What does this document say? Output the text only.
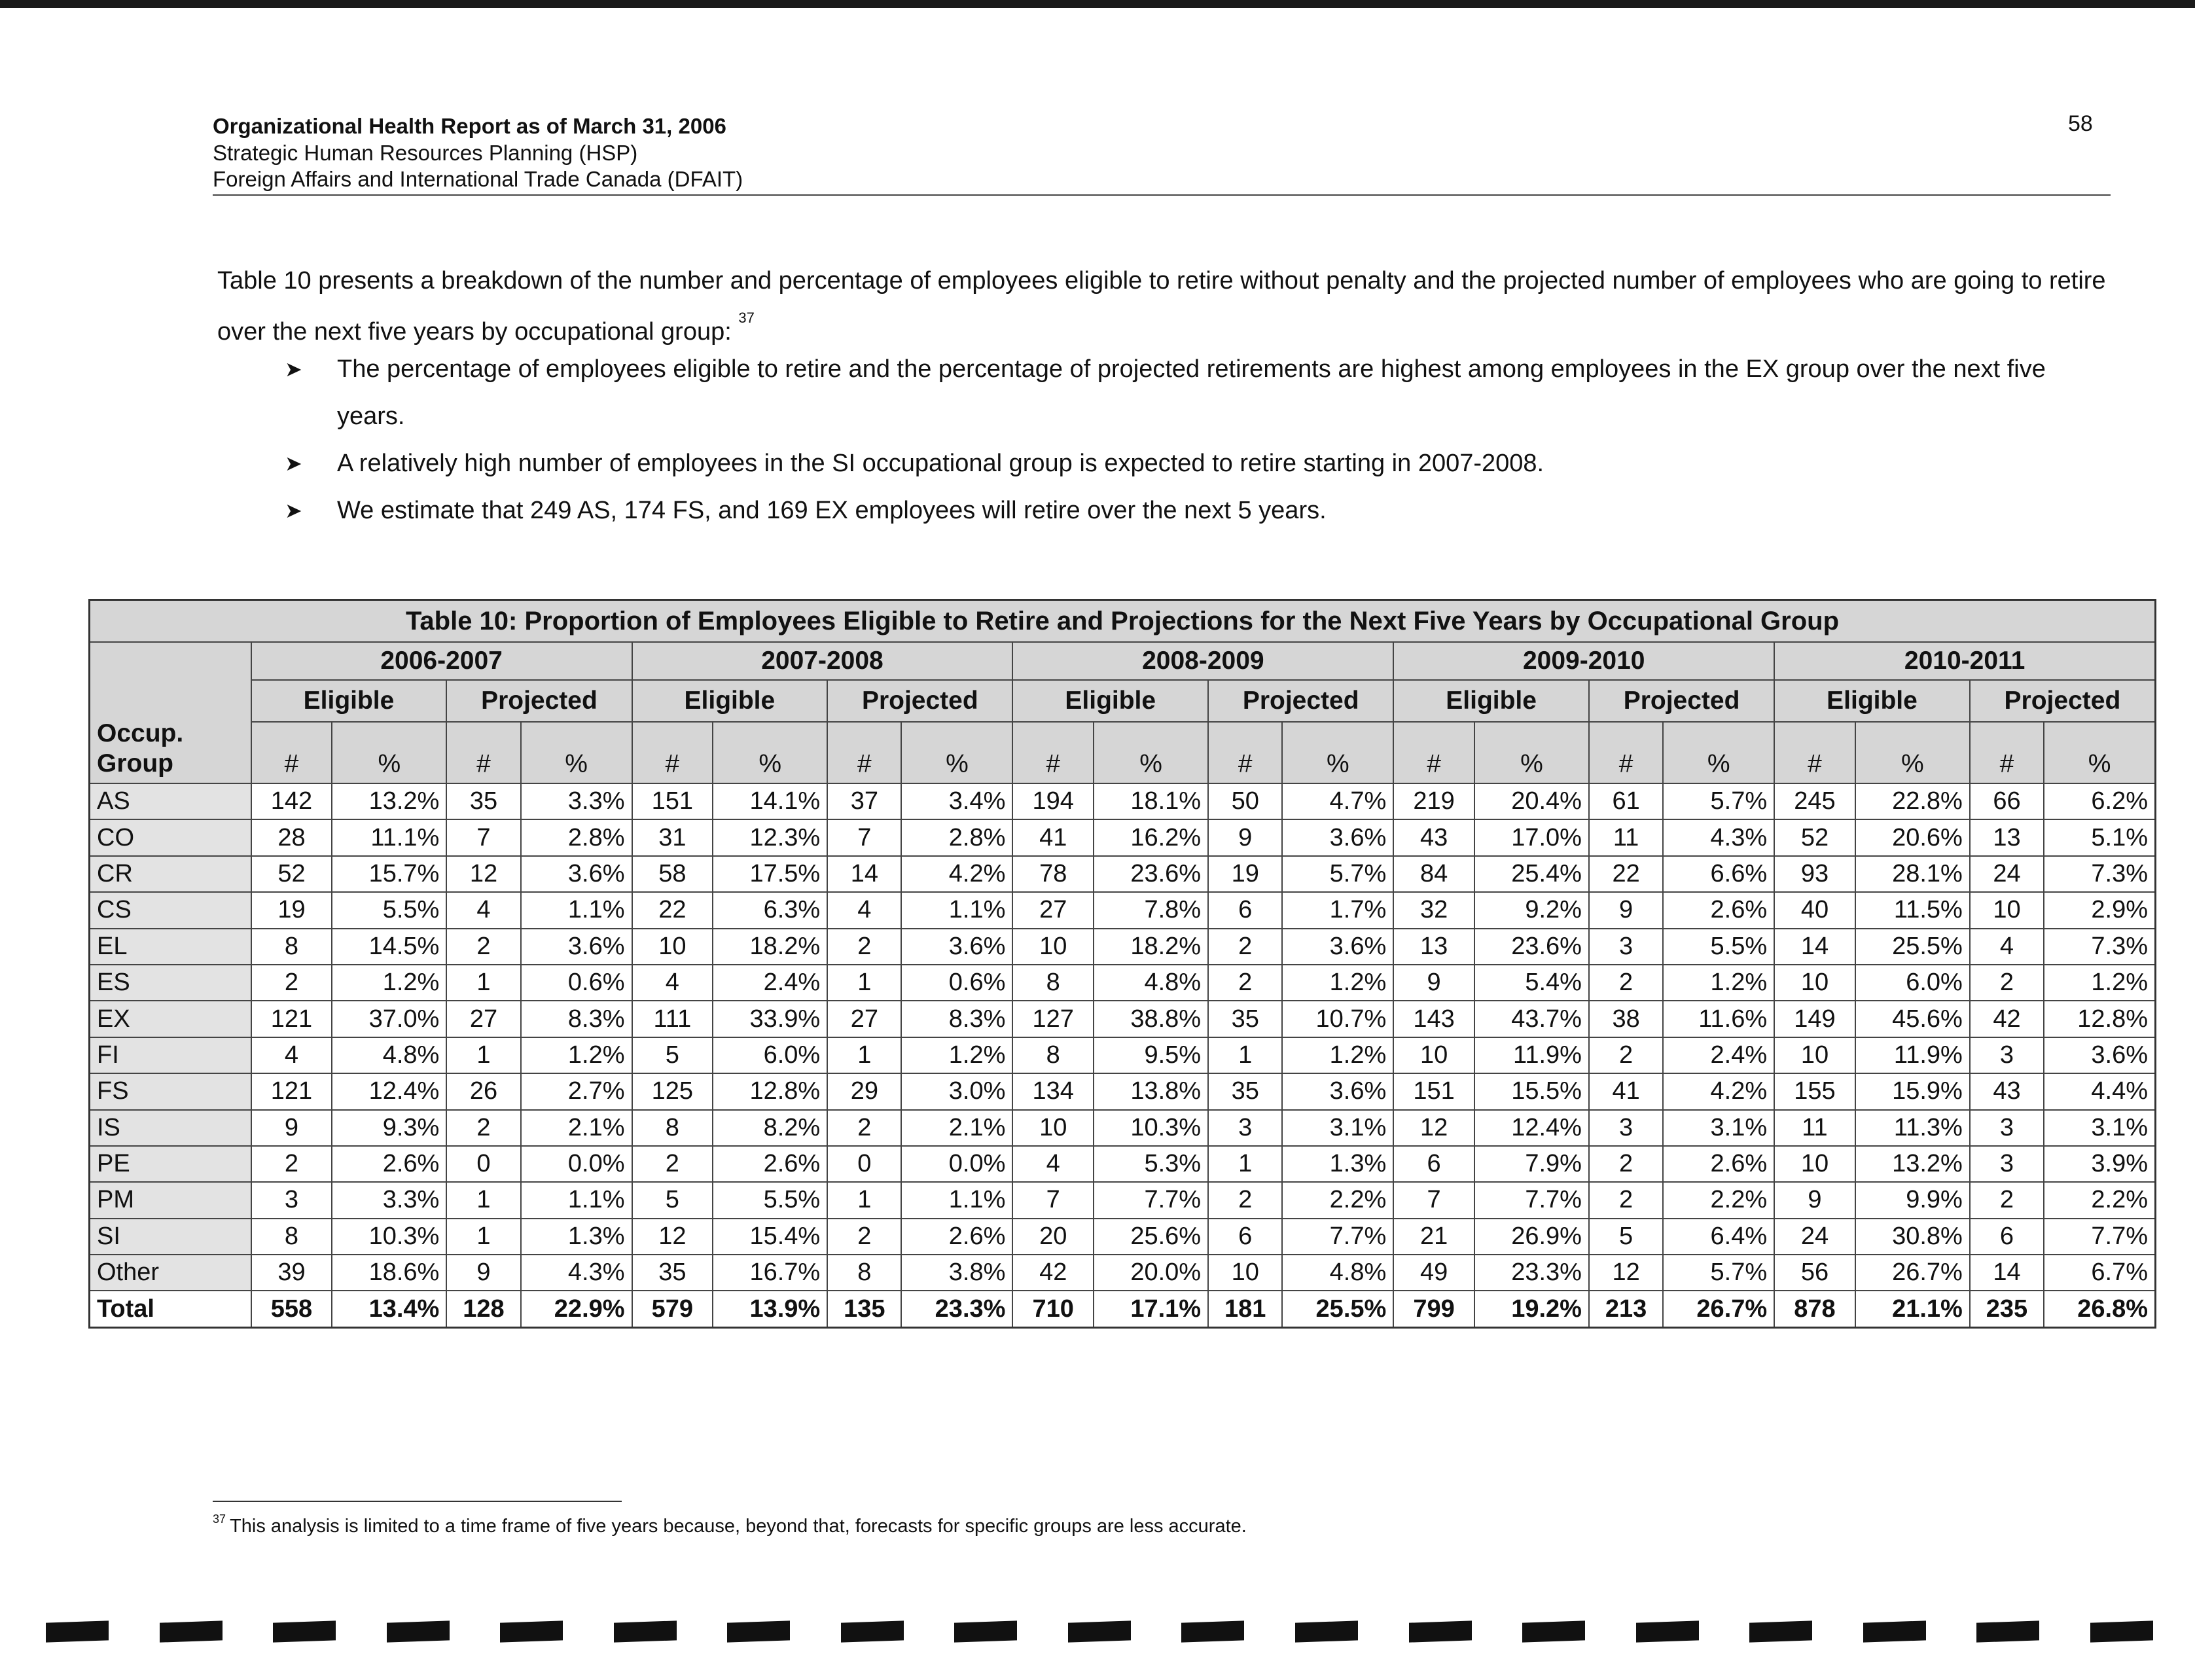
Organizational Health Report as of March 31, 2006
Strategic Human Resources Planning (HSP)
Foreign Affairs and International Trade Canada (DFAIT)
58
Table 10 presents a breakdown of the number and percentage of employees eligible to retire without penalty and the projected number of employees who are going to retire over the next five years by occupational group: $^{37}$
➤ The percentage of employees eligible to retire and the percentage of projected retirements are highest among employees in the EX group over the next five years.
➤ A relatively high number of employees in the SI occupational group is expected to retire starting in 2007-2008.
➤ We estimate that 249 AS, 174 FS, and 169 EX employees will retire over the next 5 years.
Table 10: Proportion of Employees Eligible to Retire and Projections for the Next Five Years by Occupational Group																				
Occup.
Group	2006-2007				2007-2008				2008-2009				2009-2010				2010-2011			
	Eligible		Projected		Eligible		Projected		Eligible		Projected		Eligible		Projected		Eligible		Projected	
	#	%	#	%	#	%	#	%	#	%	#	%	#	%	#	%	#	%	#	%
AS	142	13.2%	35	3.3%	151	14.1%	37	3.4%	194	18.1%	50	4.7%	219	20.4%	61	5.7%	245	22.8%	66	6.2%
CO	28	11.1%	7	2.8%	31	12.3%	7	2.8%	41	16.2%	9	3.6%	43	17.0%	11	4.3%	52	20.6%	13	5.1%
CR	52	15.7%	12	3.6%	58	17.5%	14	4.2%	78	23.6%	19	5.7%	84	25.4%	22	6.6%	93	28.1%	24	7.3%
CS	19	5.5%	4	1.1%	22	6.3%	4	1.1%	27	7.8%	6	1.7%	32	9.2%	9	2.6%	40	11.5%	10	2.9%
EL	8	14.5%	2	3.6%	10	18.2%	2	3.6%	10	18.2%	2	3.6%	13	23.6%	3	5.5%	14	25.5%	4	7.3%
ES	2	1.2%	1	0.6%	4	2.4%	1	0.6%	8	4.8%	2	1.2%	9	5.4%	2	1.2%	10	6.0%	2	1.2%
EX	121	37.0%	27	8.3%	111	33.9%	27	8.3%	127	38.8%	35	10.7%	143	43.7%	38	11.6%	149	45.6%	42	12.8%
FI	4	4.8%	1	1.2%	5	6.0%	1	1.2%	8	9.5%	1	1.2%	10	11.9%	2	2.4%	10	11.9%	3	3.6%
FS	121	12.4%	26	2.7%	125	12.8%	29	3.0%	134	13.8%	35	3.6%	151	15.5%	41	4.2%	155	15.9%	43	4.4%
IS	9	9.3%	2	2.1%	8	8.2%	2	2.1%	10	10.3%	3	3.1%	12	12.4%	3	3.1%	11	11.3%	3	3.1%
PE	2	2.6%	0	0.0%	2	2.6%	0	0.0%	4	5.3%	1	1.3%	6	7.9%	2	2.6%	10	13.2%	3	3.9%
PM	3	3.3%	1	1.1%	5	5.5%	1	1.1%	7	7.7%	2	2.2%	7	7.7%	2	2.2%	9	9.9%	2	2.2%
SI	8	10.3%	1	1.3%	12	15.4%	2	2.6%	20	25.6%	6	7.7%	21	26.9%	5	6.4%	24	30.8%	6	7.7%
Other	39	18.6%	9	4.3%	35	16.7%	8	3.8%	42	20.0%	10	4.8%	49	23.3%	12	5.7%	56	26.7%	14	6.7%
Total	558	13.4%	128	22.9%	579	13.9%	135	23.3%	710	17.1%	181	25.5%	799	19.2%	213	26.7%	878	21.1%	235	26.8%
$^{37}$ This analysis is limited to a time frame of five years because, beyond that, forecasts for specific groups are less accurate.
